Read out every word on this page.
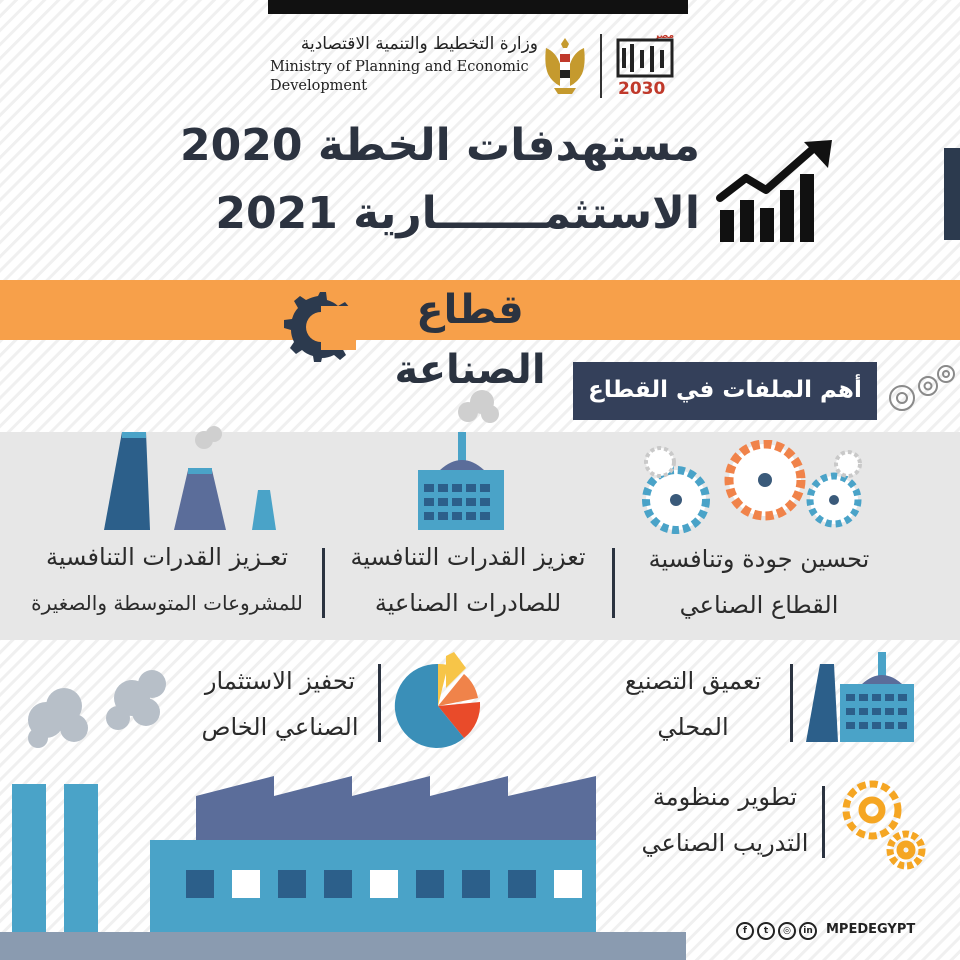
وزارة التخطيط والتنمية الاقتصادية
Ministry of Planning and Economic
Development
مصر
2030
مستهدفات الخطة 2020
الاستثمـــــــارية 2021
قطاع الصناعة	أهم الملفات في القطاع
تحسين جودة وتنافسية
القطاع الصناعي
تعزيز القدرات التنافسية
للصادرات الصناعية
تعـزيز القدرات التنافسية
للمشروعات المتوسطة والصغيرة
تعميق التصنيع
المحلي
تحفيز الاستثمار
الصناعي الخاص
تطوير منظومة
التدريب الصناعي
f	t	◎	in	MPEDEGYPT
